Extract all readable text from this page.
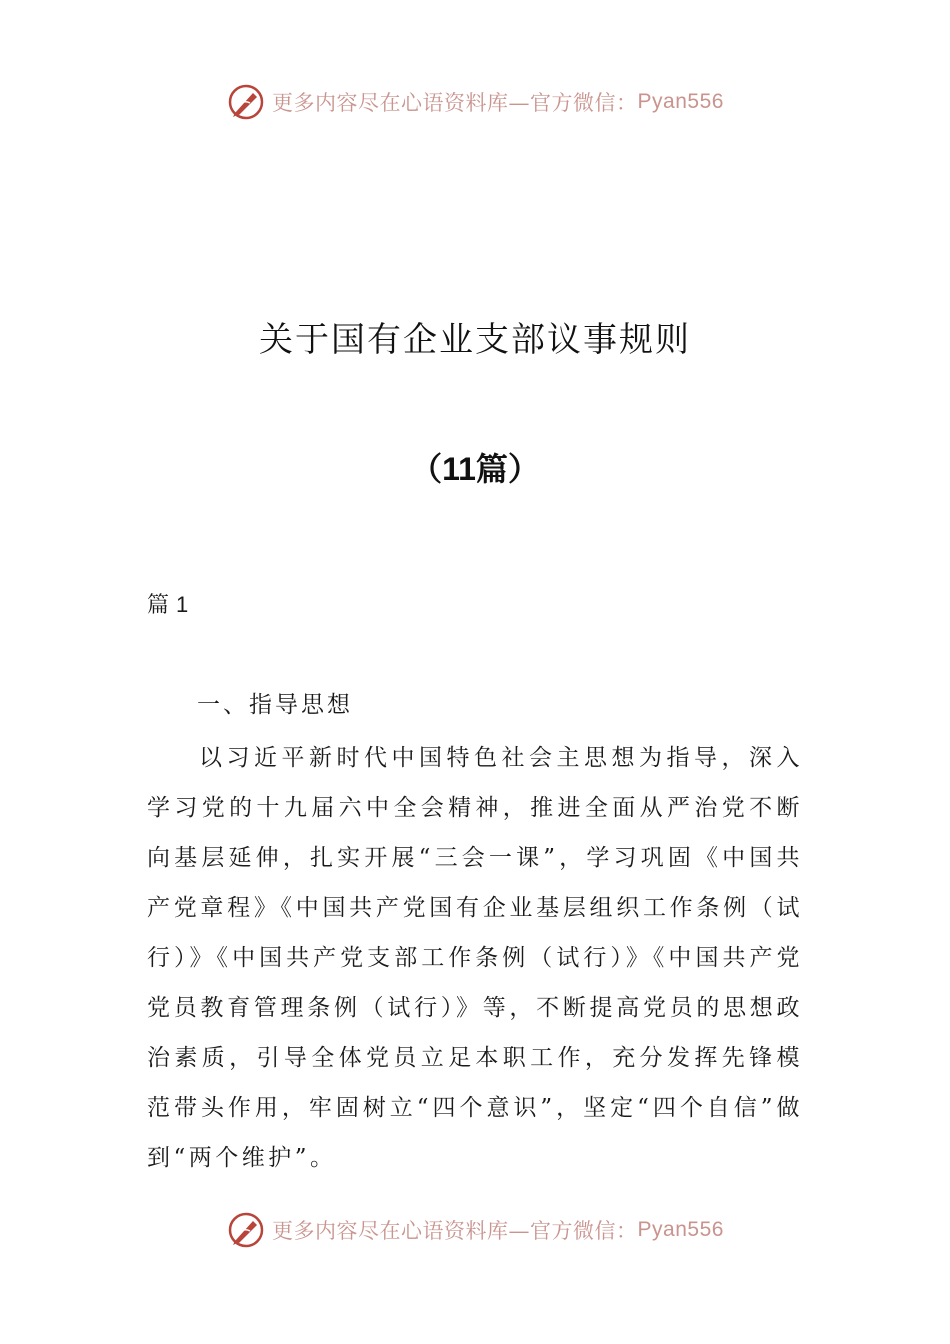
更多内容尽在心语资料库—官方微信： Pyan556
关于国有企业支部议事规则
（11篇）
篇 1
一、指导思想

以习近平新时代中国特色社会主思想为指导，深入学习党的十九届六中全会精神，推进全面从严治党不断向基层延伸，扎实开展“三会一课”，学习巩固《中国共产党章程》《中国共产党国有企业基层组织工作条例（试行）》《中国共产党支部工作条例（试行）》《中国共产党党员教育管理条例（试行）》等，不断提高党员的思想政治素质，引导全体党员立足本职工作，充分发挥先锋模范带头作用，牢固树立“四个意识”，坚定“四个自信”做到“两个维护”。

更多内容尽在心语资料库—官方微信： Pyan556
